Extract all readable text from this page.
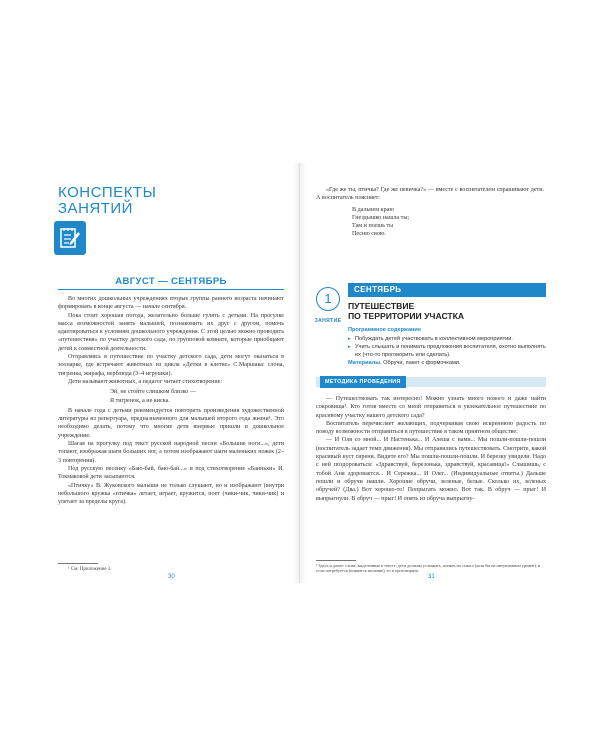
КОНСПЕКТЫ
ЗАНЯТИЙ
АВГУСТ — СЕНТЯБРЬ

Во многих дошкольных учреждениях вторые группы раннего возраста начинают формировать в конце августа — начале сентября.

Пока стоит хорошая погода, желательно больше гулять с детьми. На прогулке масса возможностей занять малышей, познакомить их друг с другом, помочь адаптироваться к условиям дошкольного учреждения. С этой целью можно проводить «путешествия» по участку детского сада, по групповой комнате, которые приобщают детей к совместной деятельности.

Отправляясь в путешествие по участку детского сада, дети могут оказаться в зоопарке, где встречают животных из цикла «Детки в клетке» С.Маршака: слона, тигренка, жирафа, верблюда (3–4 игрушки).

Дети называют животных, а педагог читает стихотворение:

Эй, не стойте слишком близко —
Я тигренок, а не киска.

В начале года с детьми рекомендуется повторить произведения художественной литературы из репертуара, предназначенного для малышей второго года жизни¹. Это необходимо делать, потому что многие дети впервые пришли в дошкольное учреждение.

Шагая на прогулку под текст русской народной песни «Большие ноги...», дети топают, изображая шаги больших ног, а потом изображают шаги маленьких ножек (2–3 повторения).

Под русскую песенку «Баю-бай, баю-бай...» и под стихотворение «Баиньки» И. Токмаковой дети засыпаются.

«Птичку» В. Жуковского малыши не только слушают, но и изображают (внутри небольшого кружка «птичка» летает, играет, кружится, поет (чики-чик, чики-чик) и улетает за пределы круга).

¹ См. Приложение 2.
30

«Где же ты, птичка? Где же певичка?» — вместе с воспитателем спрашивают дети. А воспитатель поясняет:

В дальнем краю
Гнездышко нашла ты;
Там и поешь ты
Песню свою.
1
ЗАНЯТИЕ
СЕНТЯБРЬ
ПУТЕШЕСТВИЕ
ПО ТЕРРИТОРИИ УЧАСТКА
Программное содержание
▸ Побуждать детей участвовать в коллективном мероприятии.
▸ Учить слышать и понимать предложения воспитателя, охотно выполнять их (что-то проговорить или сделать).
Материалы. Обручи, пакет с формочками.
МЕТОДИКА ПРОВЕДЕНИЯ

— Путешествовать так интересно! Можно узнать много нового и даже найти сокровища¹. Кто готов вместе со мной отправиться в увлекательное путешествие по красивому участку нашего детского сада?

Воспитатель перечисляет желающих, подчеркивая свою искреннюю радость по поводу возможности отправиться в путешествие в таком приятном обществе:

— И Оля со мной... И Настенька... И Алеша с нами... Мы пошли-пошли-пошли (воспитатель задает темп движения). Мы отправились путешествовать. Смотрите, какой красивый куст сирени. Видите его? Мы пошли-пошли-пошли. И березку увидели. Надо с ней поздороваться: «Здравствуй, березонька, здравствуй, красавица!» Слышишь, с тобой Аня здоровается... И Сережка... И Олег... (Индивидуальные ответы.) Дальше пошли и обручи нашли. Хорошие обручи, зеленые, белые. Сколько их, зеленых обручей? (Два.) Вот хорошо-то! Попрыгать можно. Вот так. В обруч — прыг! И выпрыгнули. В обруч — прыг! И опять из обруча выпрыгну-

¹ Здесь и далее: слова, выделенные в тексте, дети должны услышать, понять их смысл (хотя бы на интуитивном уровне), и если потребуется (появится желание), то и проговорить.
31
